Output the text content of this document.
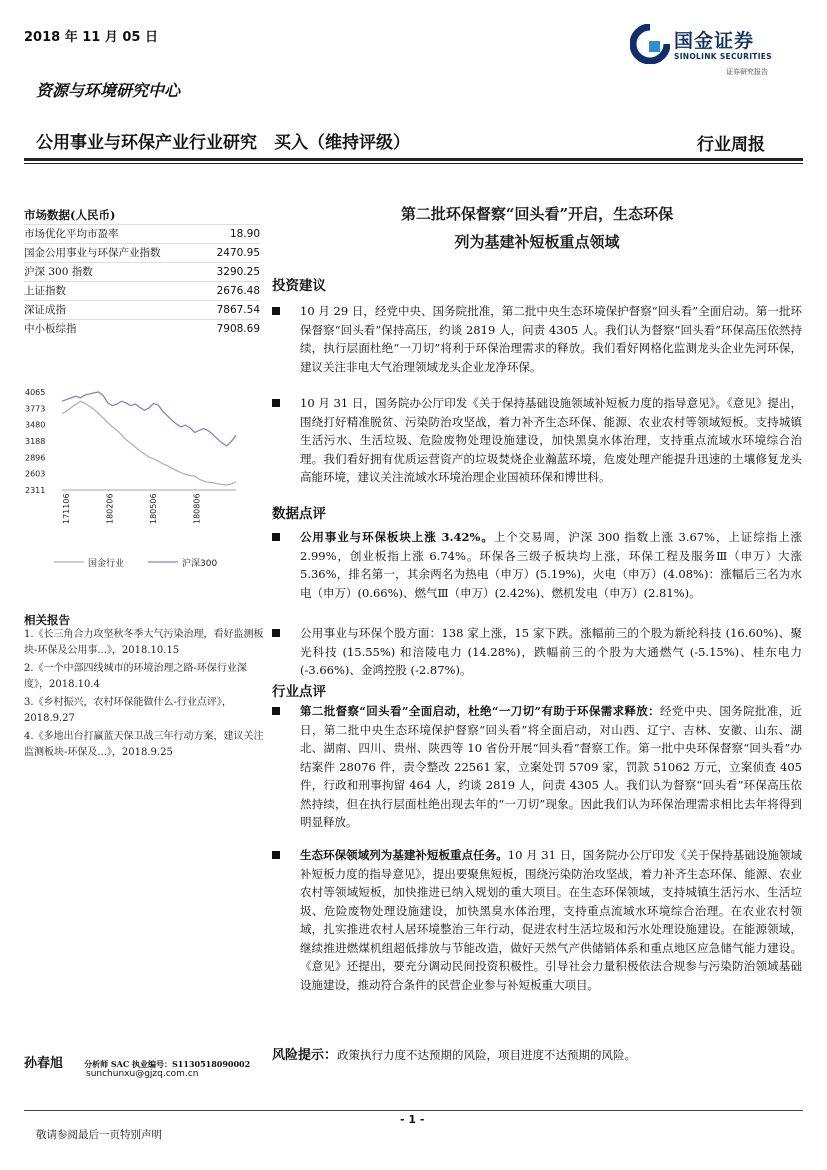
2018 年 11 月 05 日	国金证券
SINOLINK SECURITIES
证券研究报告
资源与环境研究中心
公用事业与环保产业行业研究　买入（维持评级）	行业周报
市场数据(人民币)
市场优化平均市盈率	18.90
国金公用事业与环保产业指数	2470.95
沪深 300 指数	3290.25
上证指数	2676.48
深证成指	7867.54
中小板综指	7908.69
4065
3773
3480
3188
2896
2603
2311
171106	180206	180506	180806
国金行业	沪深300
相关报告
1.《长三角合力攻坚秋冬季大气污染治理，看好监测板块-环保及公用事...》，2018.10.15
2.《一个中部四线城市的环境治理之路-环保行业深度》，2018.10.4
3.《乡村振兴，农村环保能做什么-行业点评》，2018.9.27
4.《多地出台打赢蓝天保卫战三年行动方案，建议关注监测板块-环保及...》，2018.9.25
孙春旭	分析师 SAC 执业编号：S1130518090002
sunchunxu@gjzq.com.cn
第二批环保督察“回头看”开启，生态环保
列为基建补短板重点领域
投资建议
10 月 29 日，经党中央、国务院批准，第二批中央生态环境保护督察“回头看”全面启动。第一批环保督察“回头看”保持高压，约谈 2819 人，问责 4305 人。我们认为督察“回头看”环保高压依然持续，执行层面杜绝“一刀切”将利于环保治理需求的释放。我们看好网格化监测龙头企业先河环保，建议关注非电大气治理领域龙头企业龙净环保。
10 月 31 日，国务院办公厅印发《关于保持基础设施领域补短板力度的指导意见》。《意见》提出，围绕打好精准脱贫、污染防治攻坚战，着力补齐生态环保、能源、农业农村等领域短板。支持城镇生活污水、生活垃圾、危险废物处理设施建设，加快黑臭水体治理，支持重点流域水环境综合治理。我们看好拥有优质运营资产的垃圾焚烧企业瀚蓝环境，危废处理产能提升迅速的土壤修复龙头高能环境，建议关注流域水环境治理企业国祯环保和博世科。
数据点评
公用事业与环保板块上涨 3.42%。上个交易周，沪深 300 指数上涨 3.67%，上证综指上涨 2.99%，创业板指上涨 6.74%。环保各三级子板块均上涨，环保工程及服务Ⅲ（申万）大涨 5.36%，排名第一，其余两名为热电（申万）(5.19%)，火电（申万）(4.08%)：涨幅后三名为水电（申万）(0.66%)、燃气Ⅲ（申万）(2.42%)、燃机发电（申万）(2.81%)。
公用事业与环保个股方面：138 家上涨，15 家下跌。涨幅前三的个股为新纶科技 (16.60%)、聚光科技 (15.55%) 和涪陵电力 (14.28%)，跌幅前三的个股为大通燃气 (-5.15%)、桂东电力 (-3.66%)、金鸿控股 (-2.87%)。
行业点评
第二批督察“回头看”全面启动，杜绝“一刀切”有助于环保需求释放：经党中央、国务院批准，近日，第二批中央生态环境保护督察“回头看”将全面启动，对山西、辽宁、吉林、安徽、山东、湖北、湖南、四川、贵州、陕西等 10 省份开展“回头看”督察工作。第一批中央环保督察“回头看”办结案件 28076 件，责令整改 22561 家，立案处罚 5709 家，罚款 51062 万元，立案侦查 405 件，行政和刑事拘留 464 人，约谈 2819 人，问责 4305 人。我们认为督察“回头看”环保高压依然持续，但在执行层面杜绝出现去年的“一刀切”现象。因此我们认为环保治理需求相比去年将得到明显释放。
生态环保领域列为基建补短板重点任务。10 月 31 日，国务院办公厅印发《关于保持基础设施领域补短板力度的指导意见》，提出要聚焦短板，围绕污染防治攻坚战，着力补齐生态环保、能源、农业农村等领域短板，加快推进已纳入规划的重大项目。在生态环保领域，支持城镇生活污水、生活垃圾、危险废物处理设施建设，加快黑臭水体治理，支持重点流域水环境综合治理。在农业农村领域，扎实推进农村人居环境整治三年行动，促进农村生活垃圾和污水处理设施建设。在能源领域，继续推进燃煤机组超低排放与节能改造，做好天然气产供储销体系和重点地区应急储气能力建设。《意见》还提出，要充分调动民间投资积极性。引导社会力量积极依法合规参与污染防治领域基础设施建设，推动符合条件的民营企业参与补短板重大项目。
风险提示：政策执行力度不达预期的风险，项目进度不达预期的风险。
- 1 -
敬请参阅最后一页特别声明
